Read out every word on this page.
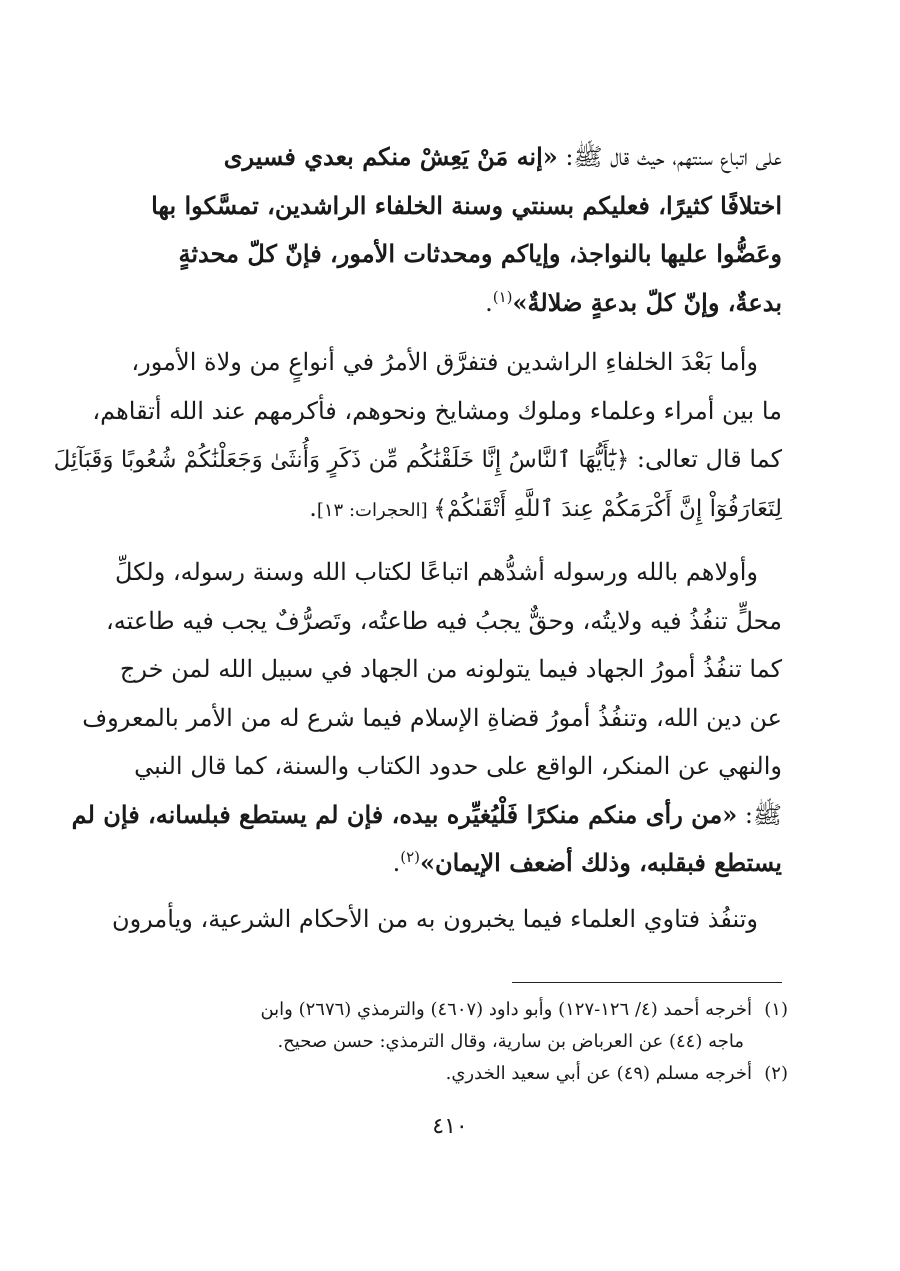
على اتباع سنتهم، حيث قال ﷺ: «إنه مَنْ يَعِشْ منكم بعدي فسيرى
اختلافًا كثيرًا، فعليكم بسنتي وسنة الخلفاء الراشدين، تمسَّكوا بها
وعَضُّوا عليها بالنواجذ، وإياكم ومحدثات الأمور، فإنّ كلّ محدثةٍ
بدعةٌ، وإنّ كلّ بدعةٍ ضلالةٌ»$^{(١)}$.
وأما بَعْدَ الخلفاءِ الراشدين فتفرَّق الأمرُ في أنواعٍ من ولاة الأمور،
ما بين أمراء وعلماء وملوك ومشايخ ونحوهم، فأكرمهم عند الله أتقاهم،
كما قال تعالى: ﴿يَٰٓأَيُّهَا ٱلنَّاسُ إِنَّا خَلَقْنَٰكُم مِّن ذَكَرٍ وَأُنثَىٰ وَجَعَلْنَٰكُمْ شُعُوبًا وَقَبَآئِلَ
لِتَعَارَفُوٓاْ إِنَّ أَكْرَمَكُمْ عِندَ ٱللَّهِ أَتْقَىٰكُمْ﴾ [الحجرات: ١٣].
وأولاهم بالله ورسوله أشدُّهم اتباعًا لكتاب الله وسنة رسوله، ولكلِّ
محلٍّ تنفُذُ فيه ولايتُه، وحقٌّ يجبُ فيه طاعتُه، وتَصرُّفٌ يجب فيه طاعته،
كما تنفُذُ أمورُ الجهاد فيما يتولونه من الجهاد في سبيل الله لمن خرج
عن دين الله، وتنفُذُ أمورُ قضاةِ الإسلام فيما شرع له من الأمر بالمعروف
والنهي عن المنكر، الواقع على حدود الكتاب والسنة، كما قال النبي
ﷺ: «من رأى منكم منكرًا فَلْيُغيِّره بيده، فإن لم يستطع فبلسانه، فإن لم
يستطع فبقلبه، وذلك أضعف الإيمان»$^{(٢)}$.
وتنفُذ فتاوي العلماء فيما يخبرون به من الأحكام الشرعية، ويأمرون
(١)أخرجه أحمد (٤/ ١٢٦-١٢٧) وأبو داود (٤٦٠٧) والترمذي (٢٦٧٦) وابن
ماجه (٤٤) عن العرباض بن سارية، وقال الترمذي: حسن صحيح.
(٢)أخرجه مسلم (٤٩) عن أبي سعيد الخدري.
٤١٠
